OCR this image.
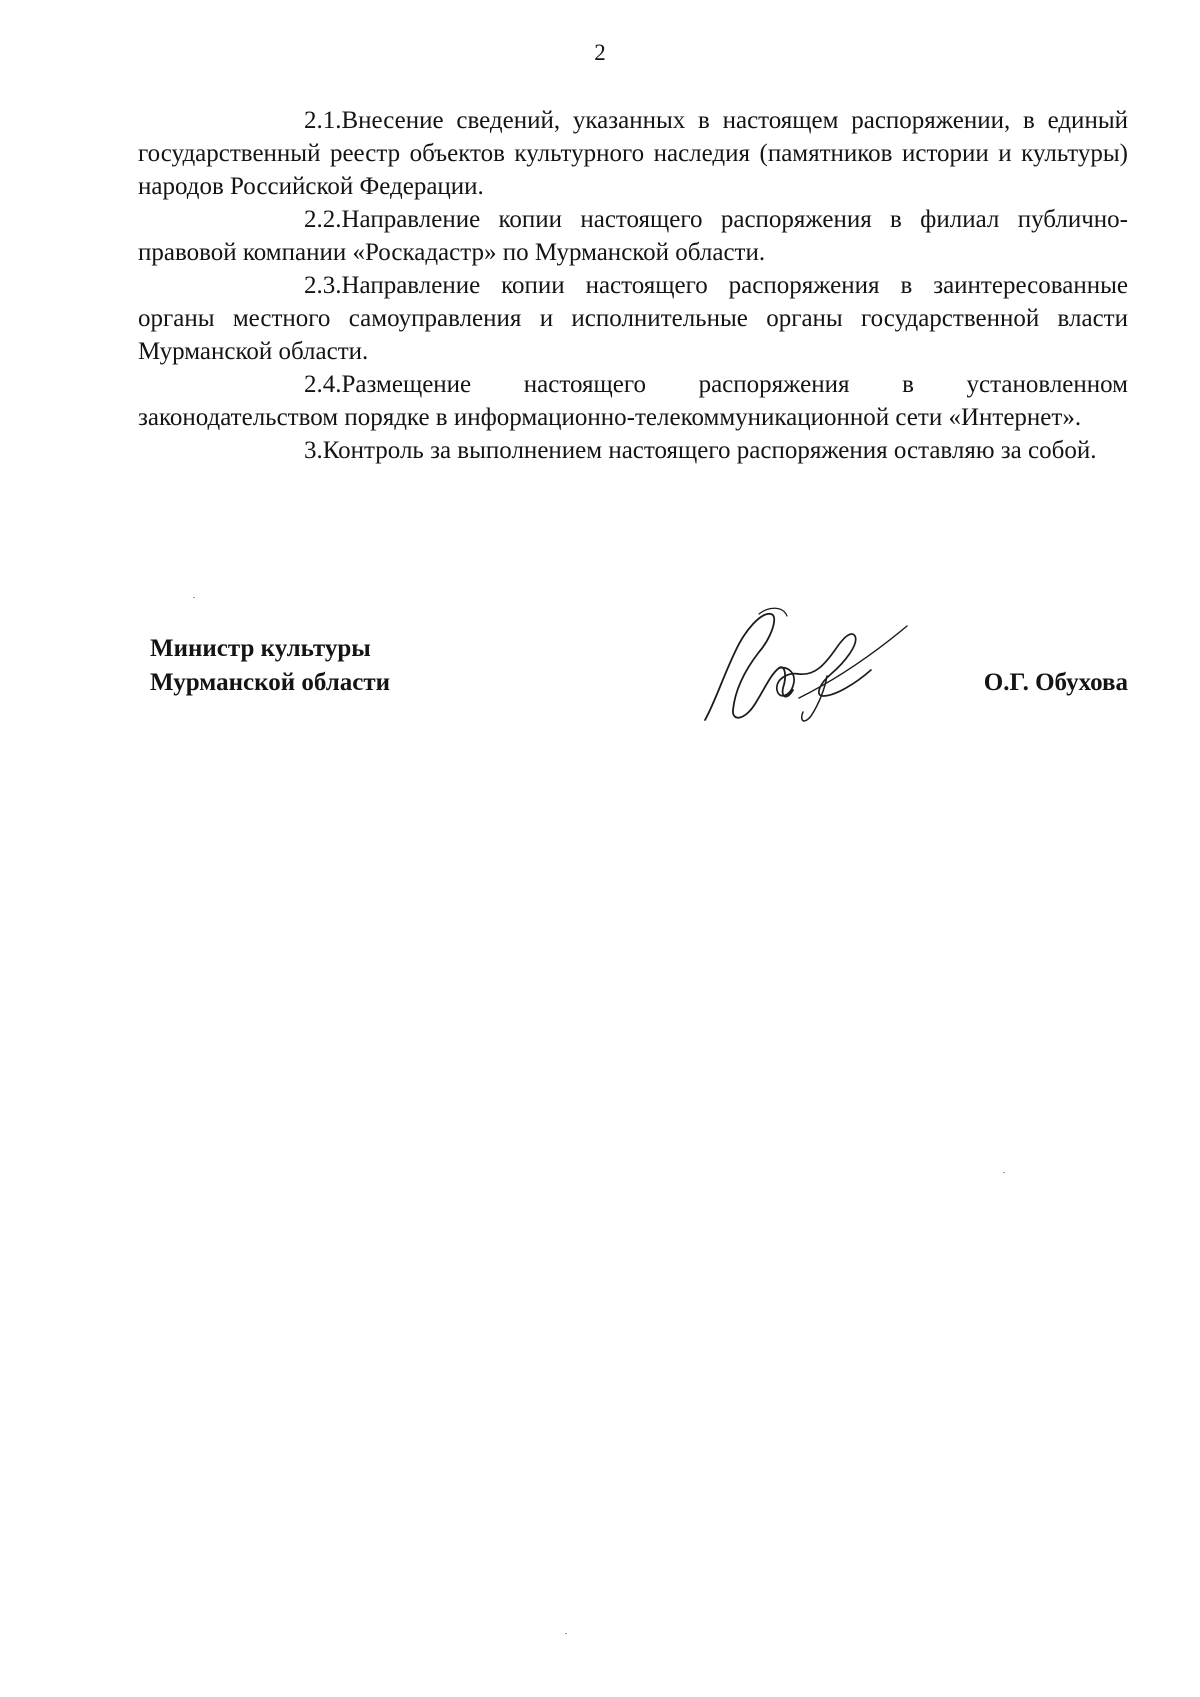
2

2.1.Внесение сведений, указанных в настоящем распоряжении, в единый государственный реестр объектов культурного наследия (памятников истории и культуры) народов Российской Федерации.

2.2.Направление копии настоящего распоряжения в филиал публично-правовой компании «Роскадастр» по Мурманской области.

2.3.Направление копии настоящего распоряжения в заинтересованные органы местного самоуправления и исполнительные органы государственной власти Мурманской области.

2.4.Размещение настоящего распоряжения в установленном законодательством порядке в информационно-телекоммуникационной сети «Интернет».

3.Контроль за выполнением настоящего распоряжения оставляю за собой.

Министр культуры
Мурманской области	О.Г. Обухова
